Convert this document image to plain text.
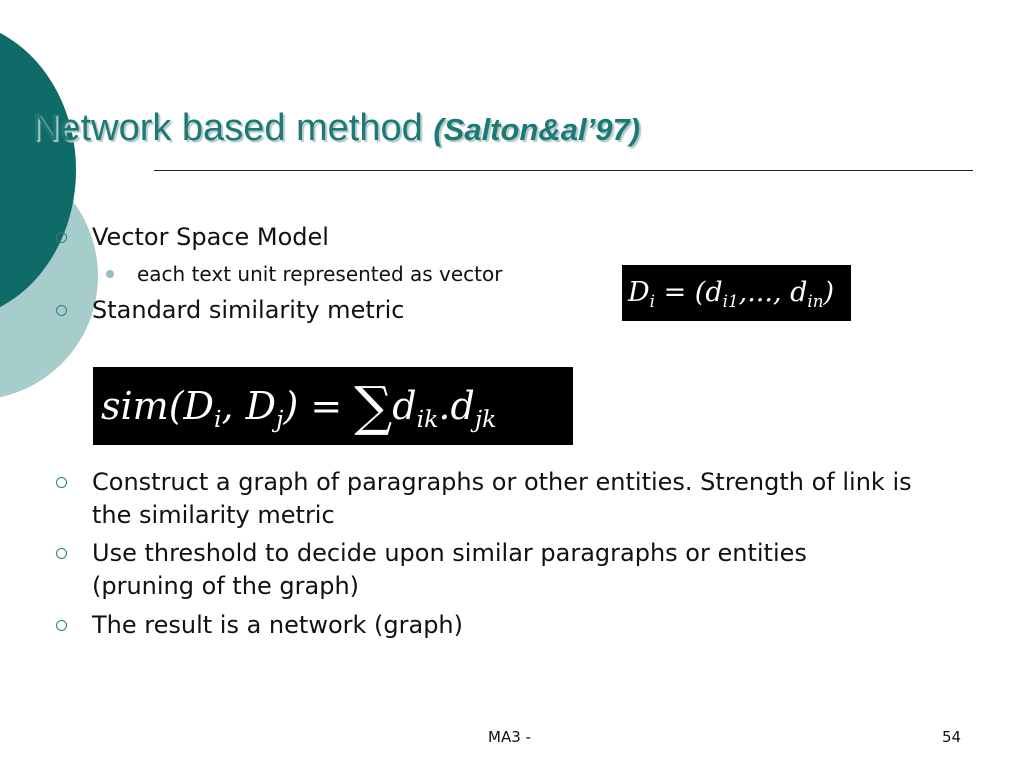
Network based method (Salton&al’97)
Vector Space Model
each text unit represented as vector
Standard similarity metric
$D_i = (d_{i1}$,..., $d_{in}$)
$sim(D_i$, $D_j) = \sum d_{ik}.d_{jk}$
Construct a graph of paragraphs or other entities. Strength of link is the similarity metric
Use threshold to decide upon similar paragraphs or entities (pruning of the graph)
The result is a network (graph)
MA3 -	54
